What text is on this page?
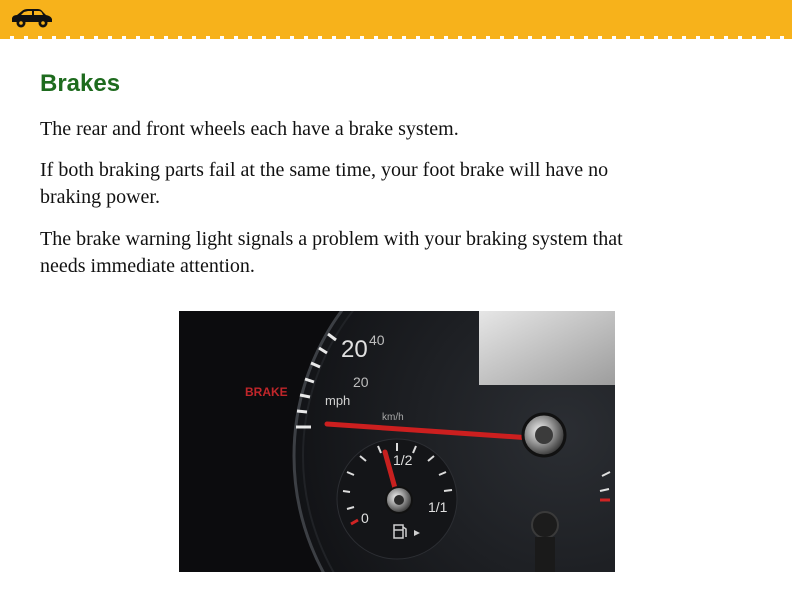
Brakes

The rear and front wheels each have a brake system.

If both braking parts fail at the same time, your foot brake will have no braking power.

The brake warning light signals a problem with your braking system that needs immediate attention.

BRAKE
20 40
20
mph
km/h
1/2
1/1
0
